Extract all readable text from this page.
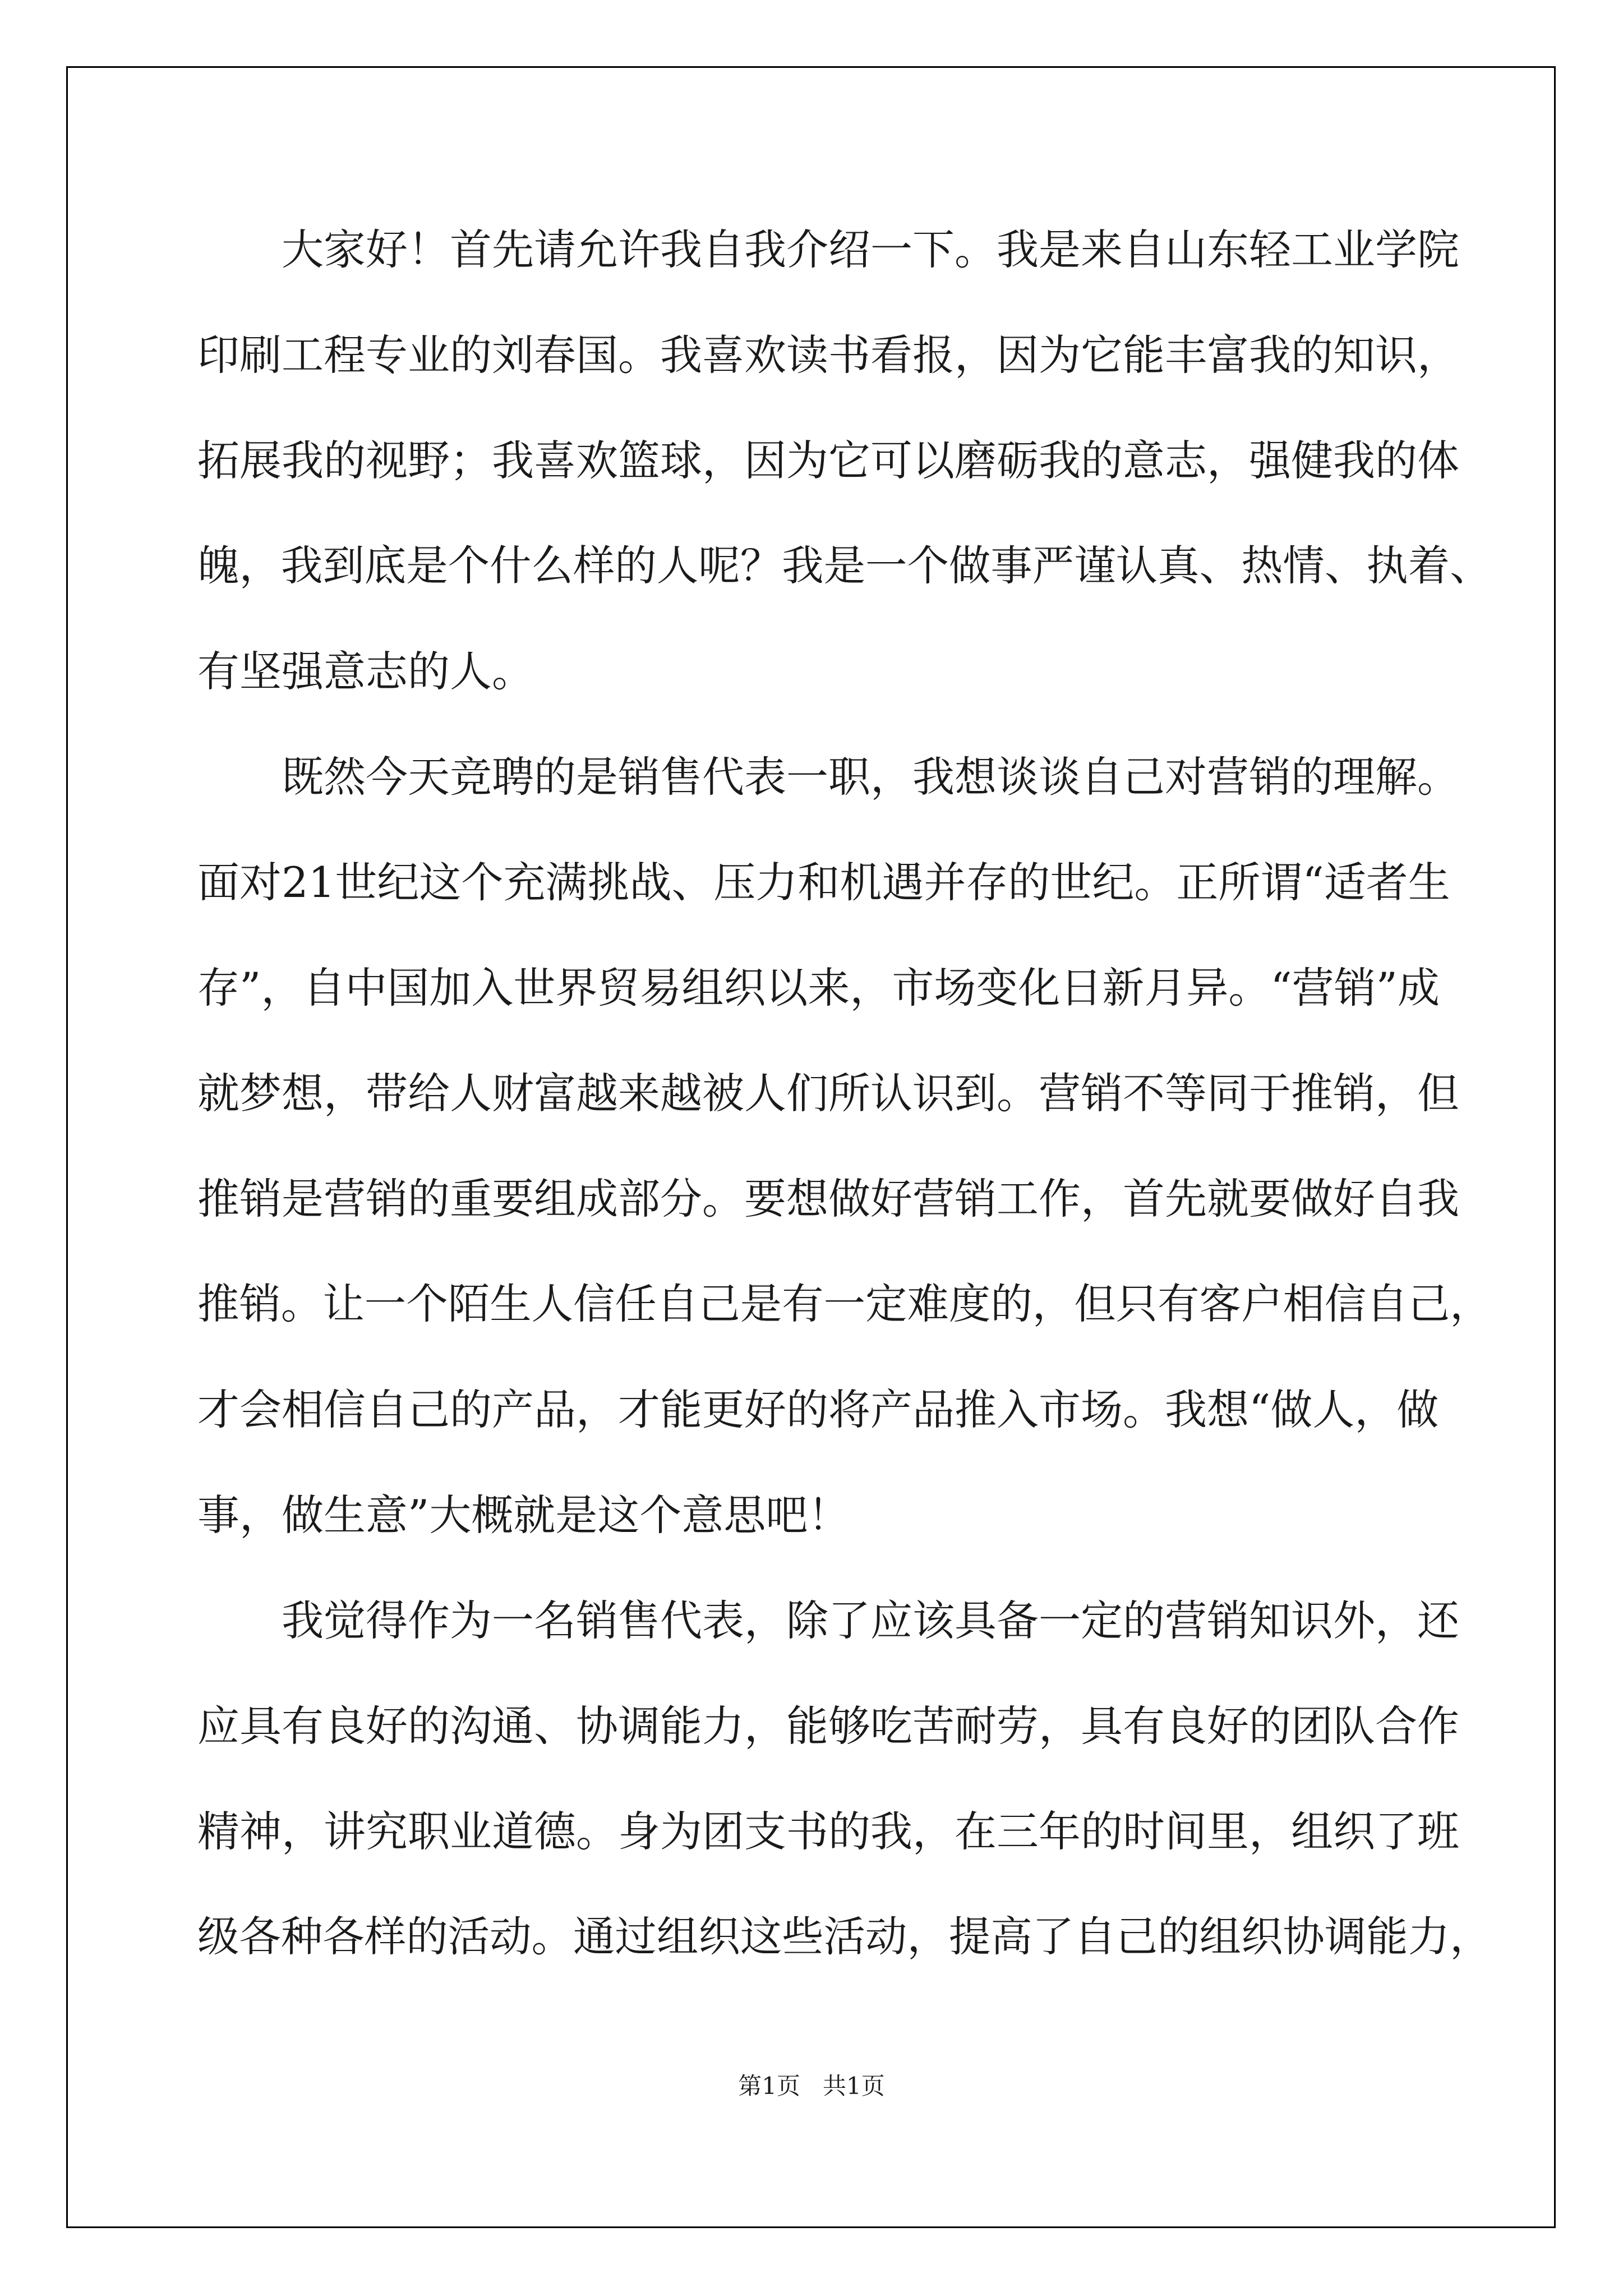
大家好！首先请允许我自我介绍一下。我是来自山东轻工业学院

印刷工程专业的刘春国。我喜欢读书看报，因为它能丰富我的知识，

拓展我的视野；我喜欢篮球，因为它可以磨砺我的意志，强健我的体

魄，我到底是个什么样的人呢？我是一个做事严谨认真、热情、执着、

有坚强意志的人。

既然今天竞聘的是销售代表一职，我想谈谈自己对营销的理解。

面对21世纪这个充满挑战、压力和机遇并存的世纪。正所谓“适者生

存”，自中国加入世界贸易组织以来，市场变化日新月异。“营销”成

就梦想，带给人财富越来越被人们所认识到。营销不等同于推销，但

推销是营销的重要组成部分。要想做好营销工作，首先就要做好自我

推销。让一个陌生人信任自己是有一定难度的，但只有客户相信自己，

才会相信自己的产品，才能更好的将产品推入市场。我想“做人，做

事，做生意”大概就是这个意思吧！

我觉得作为一名销售代表，除了应该具备一定的营销知识外，还

应具有良好的沟通、协调能力，能够吃苦耐劳，具有良好的团队合作

精神，讲究职业道德。身为团支书的我，在三年的时间里，组织了班

级各种各样的活动。通过组织这些活动，提高了自己的组织协调能力，

第1页   共1页
